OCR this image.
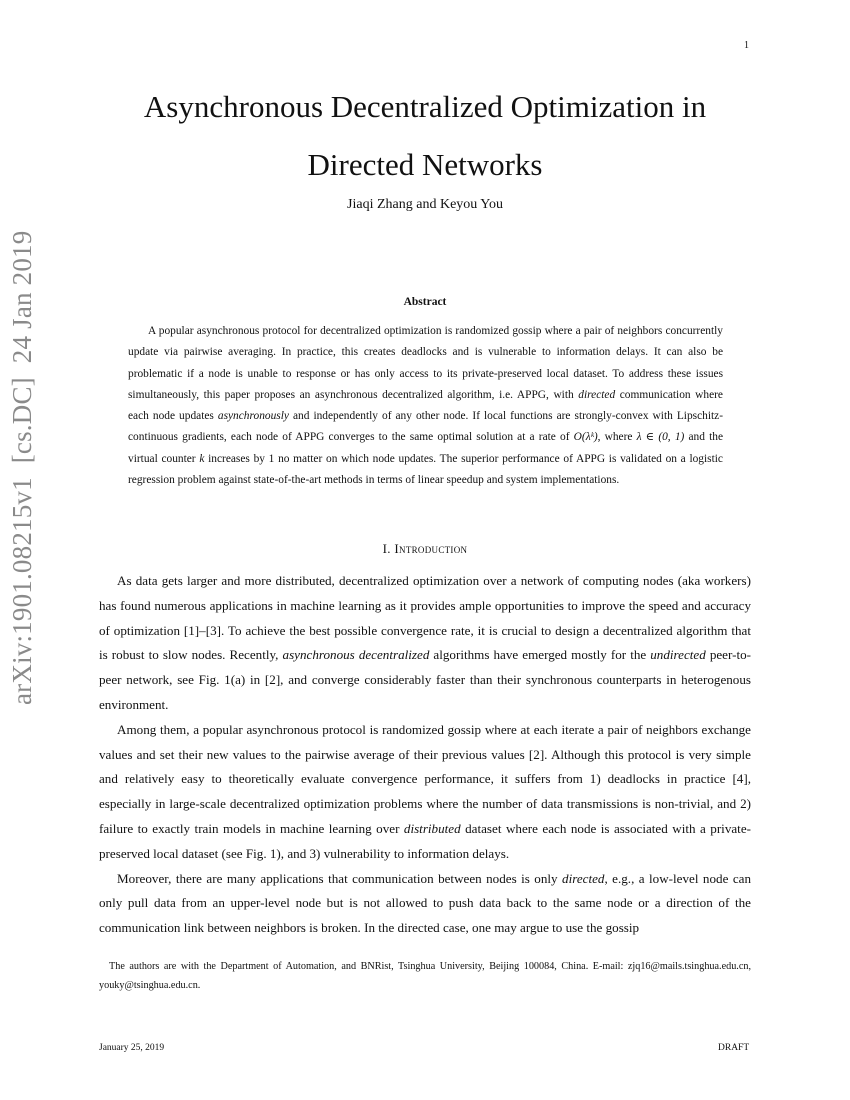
1
Asynchronous Decentralized Optimization in
Directed Networks
Jiaqi Zhang and Keyou You
arXiv:1901.08215v1  [cs.DC]  24 Jan 2019	Abstract

A popular asynchronous protocol for decentralized optimization is randomized gossip where a pair of neighbors concurrently update via pairwise averaging. In practice, this creates deadlocks and is vulnerable to information delays. It can also be problematic if a node is unable to response or has only access to its private-preserved local dataset. To address these issues simultaneously, this paper proposes an asynchronous decentralized algorithm, i.e. APPG, with directed communication where each node updates asynchronously and independently of any other node. If local functions are strongly-convex with Lipschitz-continuous gradients, each node of APPG converges to the same optimal solution at a rate of O(λᵏ), where λ ∈ (0, 1) and the virtual counter k increases by 1 no matter on which node updates. The superior performance of APPG is validated on a logistic regression problem against state-of-the-art methods in terms of linear speedup and system implementations.

I. Introduction

As data gets larger and more distributed, decentralized optimization over a network of computing nodes (aka workers) has found numerous applications in machine learning as it provides ample opportunities to improve the speed and accuracy of optimization [1]–[3]. To achieve the best possible convergence rate, it is crucial to design a decentralized algorithm that is robust to slow nodes. Recently, asynchronous decentralized algorithms have emerged mostly for the undirected peer-to-peer network, see Fig. 1(a) in [2], and converge considerably faster than their synchronous counterparts in heterogenous environment.

Among them, a popular asynchronous protocol is randomized gossip where at each iterate a pair of neighbors exchange values and set their new values to the pairwise average of their previous values [2]. Although this protocol is very simple and relatively easy to theoretically evaluate convergence performance, it suffers from 1) deadlocks in practice [4], especially in large-scale decentralized optimization problems where the number of data transmissions is non-trivial, and 2) failure to exactly train models in machine learning over distributed dataset where each node is associated with a private-preserved local dataset (see Fig. 1), and 3) vulnerability to information delays.

Moreover, there are many applications that communication between nodes is only directed, e.g., a low-level node can only pull data from an upper-level node but is not allowed to push data back to the same node or a direction of the communication link between neighbors is broken. In the directed case, one may argue to use the gossip

The authors are with the Department of Automation, and BNRist, Tsinghua University, Beijing 100084, China. E-mail: zjq16@mails.tsinghua.edu.cn, youky@tsinghua.edu.cn.

January 25, 2019	DRAFT
